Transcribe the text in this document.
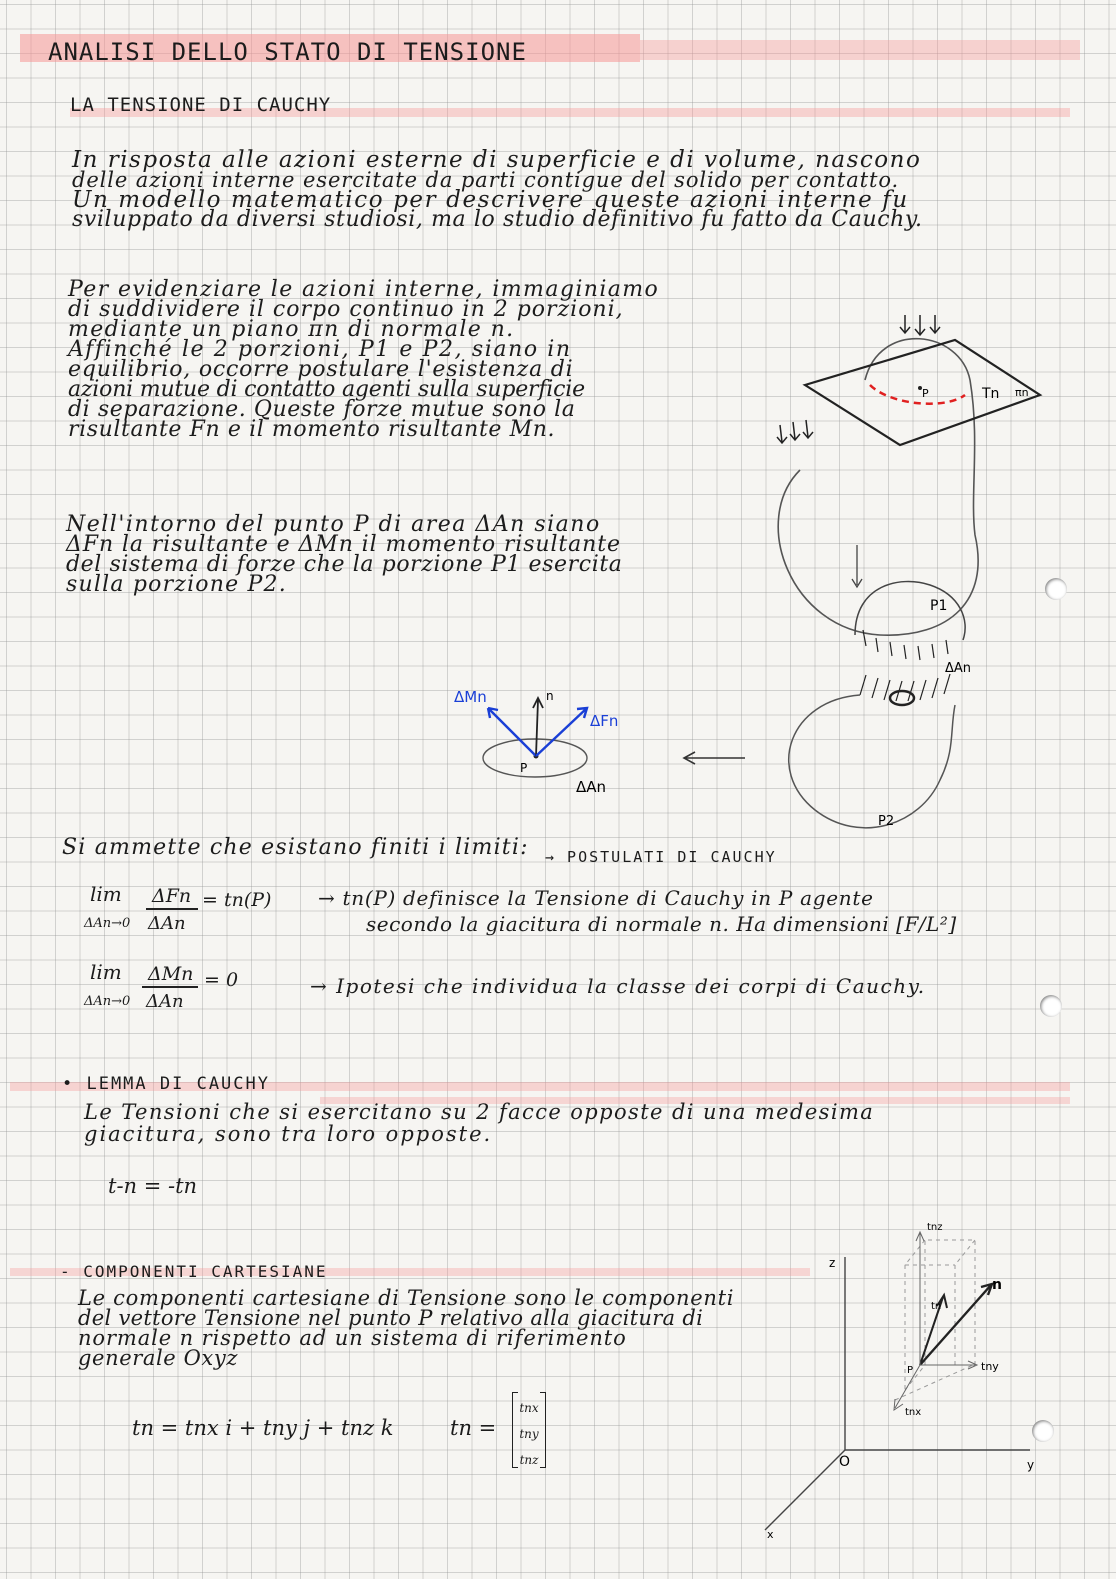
ANALISI DELLO STATO DI TENSIONE
LA TENSIONE DI CAUCHY
In risposta alle azioni esterne di superficie e di volume, nascono
delle azioni interne esercitate da parti contigue del solido per contatto.
Un modello matematico per descrivere queste azioni interne fu
sviluppato da diversi studiosi, ma lo studio definitivo fu fatto da Cauchy.
Per evidenziare le azioni interne, immaginiamo
di suddividere il corpo continuo in 2 porzioni,
mediante un piano πn di normale n.
Affinché le 2 porzioni, P1 e P2, siano in
equilibrio, occorre postulare l'esistenza di
azioni mutue di contatto agenti sulla superficie
di separazione. Queste forze mutue sono la
risultante Fn e il momento risultante Mn.
Nell'intorno del punto P di area ΔAn siano
ΔFn la risultante e ΔMn il momento risultante
del sistema di forze che la porzione P1 esercita
sulla porzione P2.
P	Tn πn
P1
ΔAn
P2
ΔMn	n
ΔFn
P
ΔAn
Si ammette che esistano finiti i limiti: → POSTULATI DI CAUCHY
lim
ΔAn→0
ΔFn
ΔAn
= tn(P) → tn(P) definisce la Tensione di Cauchy in P agente
secondo la giacitura di normale n. Ha dimensioni [F/L²]
lim
ΔAn→0
ΔMn
ΔAn
= 0	→ Ipotesi che individua la classe dei corpi di Cauchy.
• LEMMA DI CAUCHY
Le Tensioni che si esercitano su 2 facce opposte di una medesima
giacitura, sono tra loro opposte.
t-n = -tn
- COMPONENTI CARTESIANE
Le componenti cartesiane di Tensione sono le componenti
del vettore Tensione nel punto P relativo alla giacitura di
normale n rispetto ad un sistema di riferimento
generale Oxyz
tn = tnx i + tny j + tnz k	tn =
tnx
tny
tnz
z
y
x
O
P
n
tn
tnz
tny
tnx
